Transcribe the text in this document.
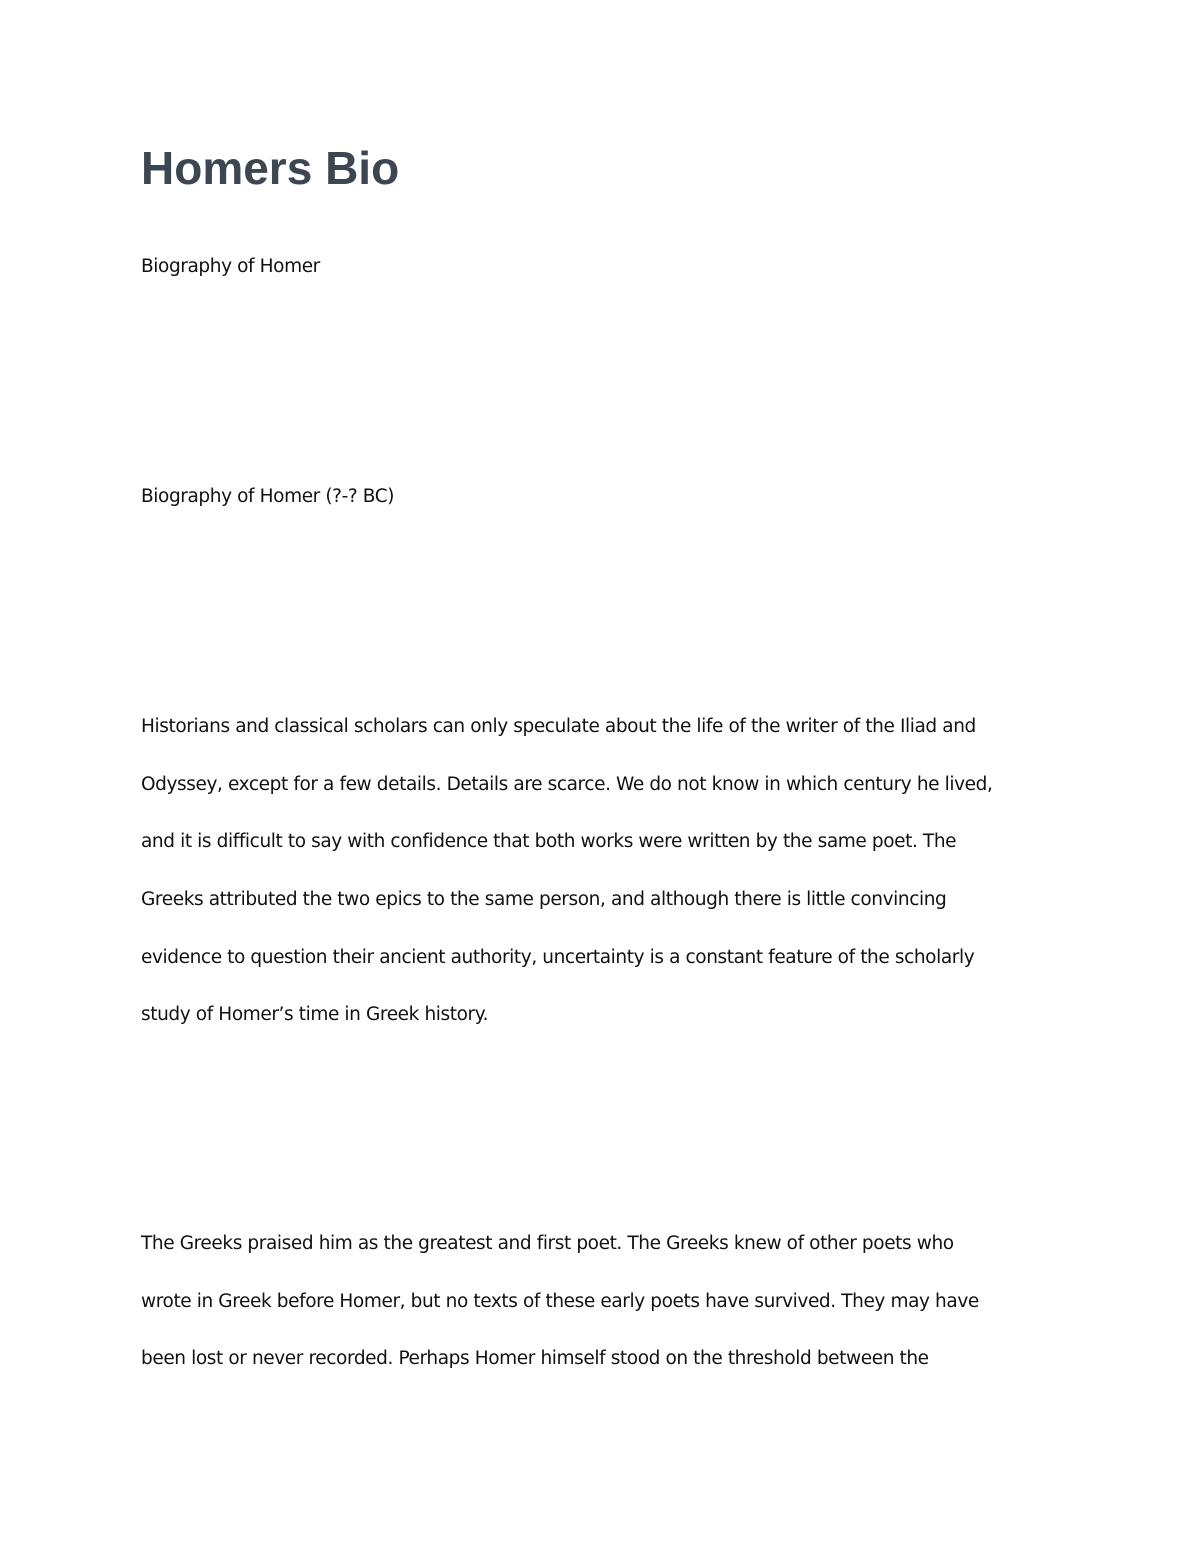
Homers Bio

Biography of Homer

Biography of Homer (?-? BC)

Historians and classical scholars can only speculate about the life of the writer of the Iliad and

Odyssey, except for a few details. Details are scarce. We do not know in which century he lived,

and it is difficult to say with confidence that both works were written by the same poet. The

Greeks attributed the two epics to the same person, and although there is little convincing

evidence to question their ancient authority, uncertainty is a constant feature of the scholarly

study of Homer’s time in Greek history.

The Greeks praised him as the greatest and first poet. The Greeks knew of other poets who

wrote in Greek before Homer, but no texts of these early poets have survived. They may have

been lost or never recorded. Perhaps Homer himself stood on the threshold between the
